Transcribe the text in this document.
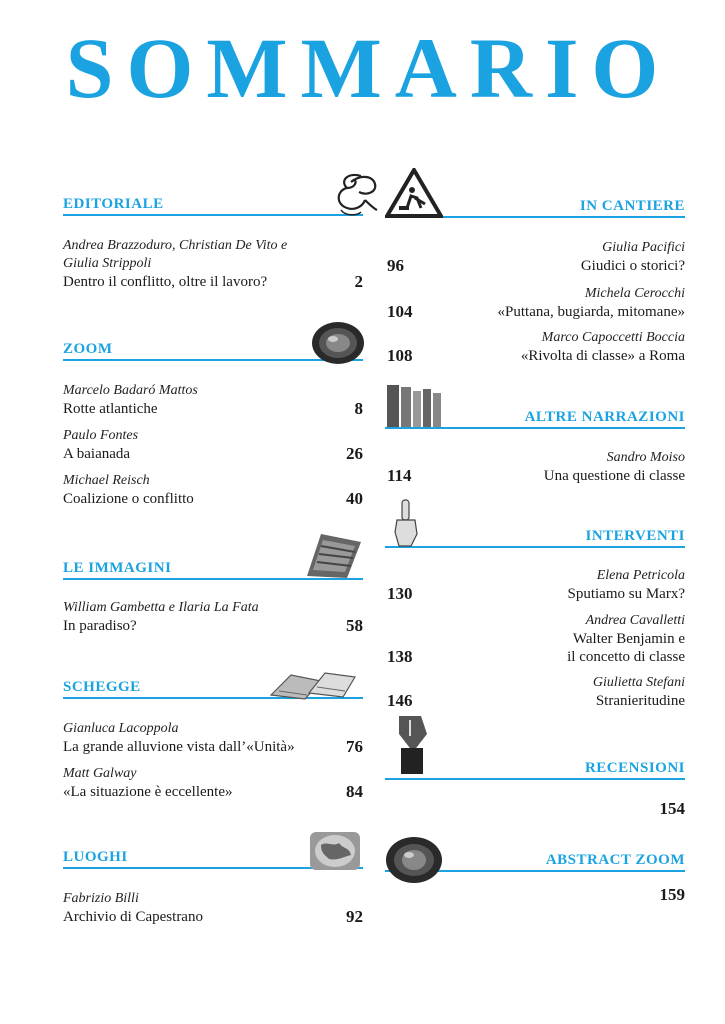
SOMMARIO
EDITORIALE
Andrea Brazzoduro, Christian De Vito e
Giulia Strippoli
Dentro il conflitto, oltre il lavoro?	2
ZOOM
Marcelo Badaró Mattos
Rotte atlantiche	8
Paulo Fontes
A baianada	26
Michael Reisch
Coalizione o conflitto	40
LE IMMAGINI
William Gambetta e Ilaria La Fata
In paradiso?	58
SCHEGGE
Gianluca Lacoppola
La grande alluvione vista dall’«Unità»	76
Matt Galway
«La situazione è eccellente»	84
LUOGHI
Fabrizio Billi
Archivio di Capestrano	92
IN CANTIERE
Giulia Pacifici
96	Giudici o storici?
Michela Cerocchi
104	«Puttana, bugiarda, mitomane»
Marco Capoccetti Boccia
108	«Rivolta di classe» a Roma
ALTRE NARRAZIONI
Sandro Moiso
114	Una questione di classe
INTERVENTI
Elena Petricola
130	Sputiamo su Marx?
Andrea Cavalletti
Walter Benjamin e
138	il concetto di classe
Giulietta Stefani
146	Stranieritudine
RECENSIONI
154
ABSTRACT ZOOM
159
